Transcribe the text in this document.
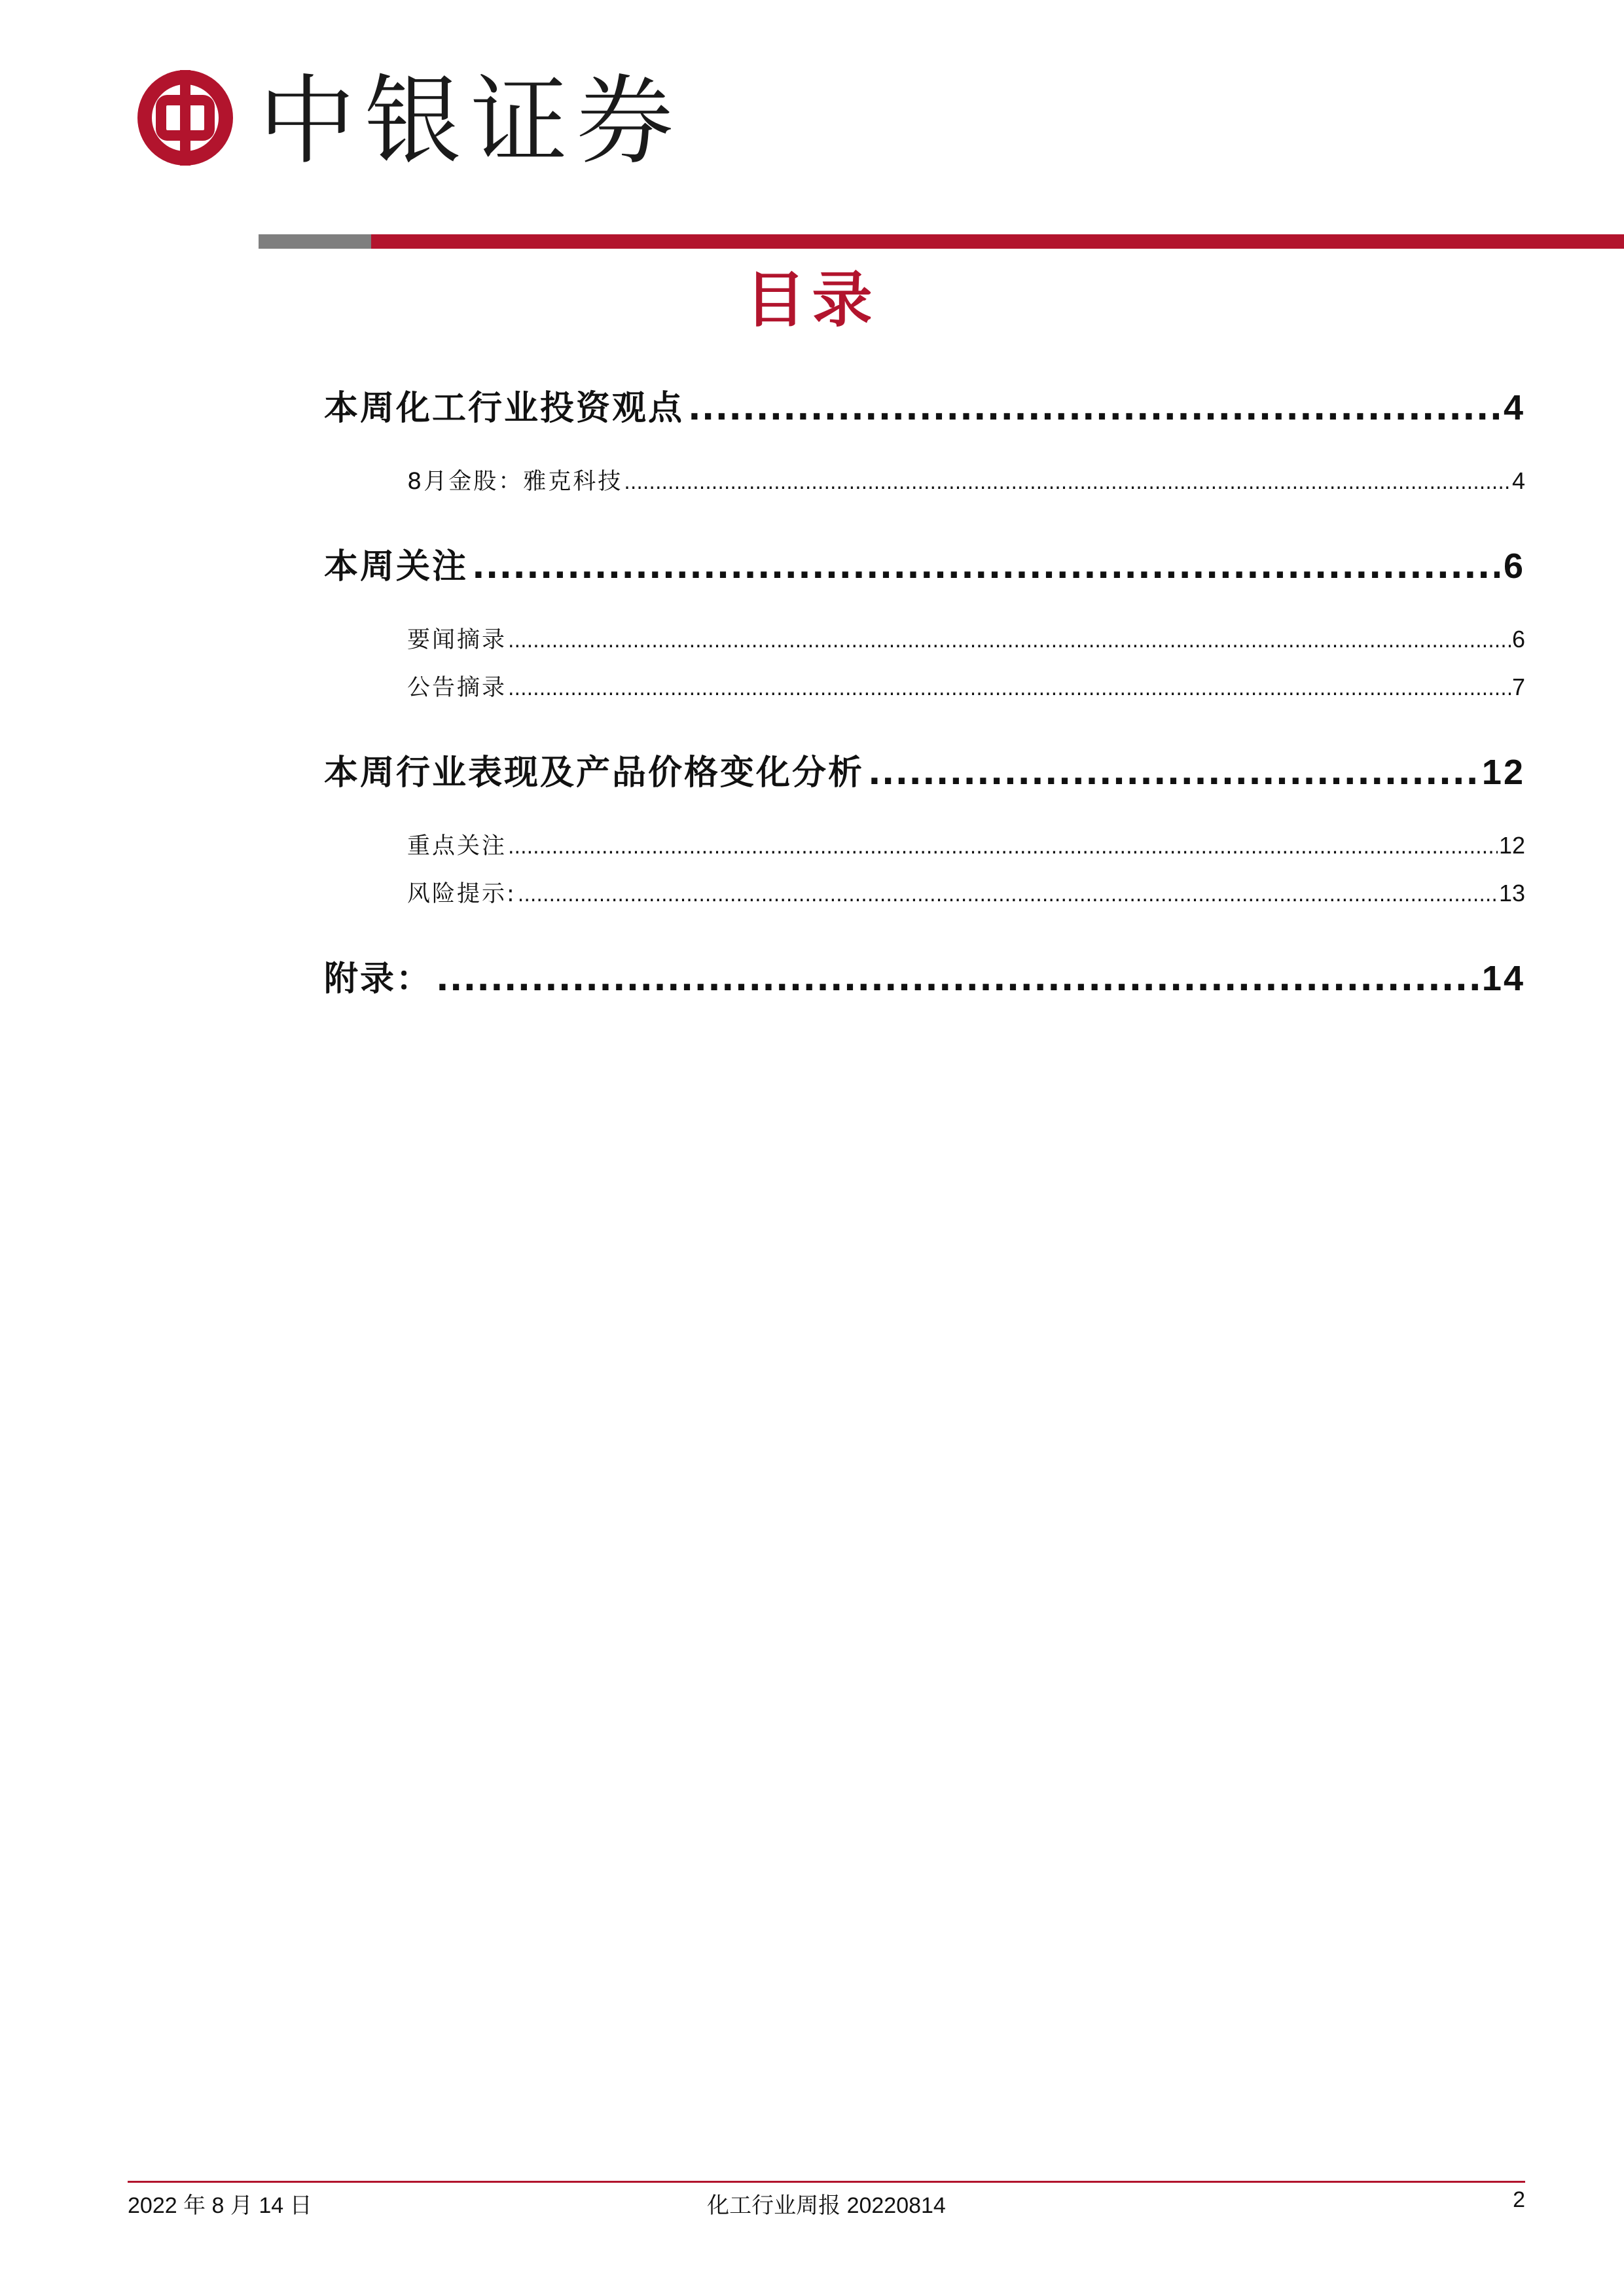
中银证券
目录
本周化工行业投资观点 .....	4
8月金股：雅克科技 .....	4
本周关注 .....	6
要闻摘录 .....	6
公告摘录 .....	7
本周行业表现及产品价格变化分析 .....	12
重点关注 .....	12
风险提示: .....	13
附录： .....	14
2022 年 8 月 14 日	化工行业周报 20220814	2
